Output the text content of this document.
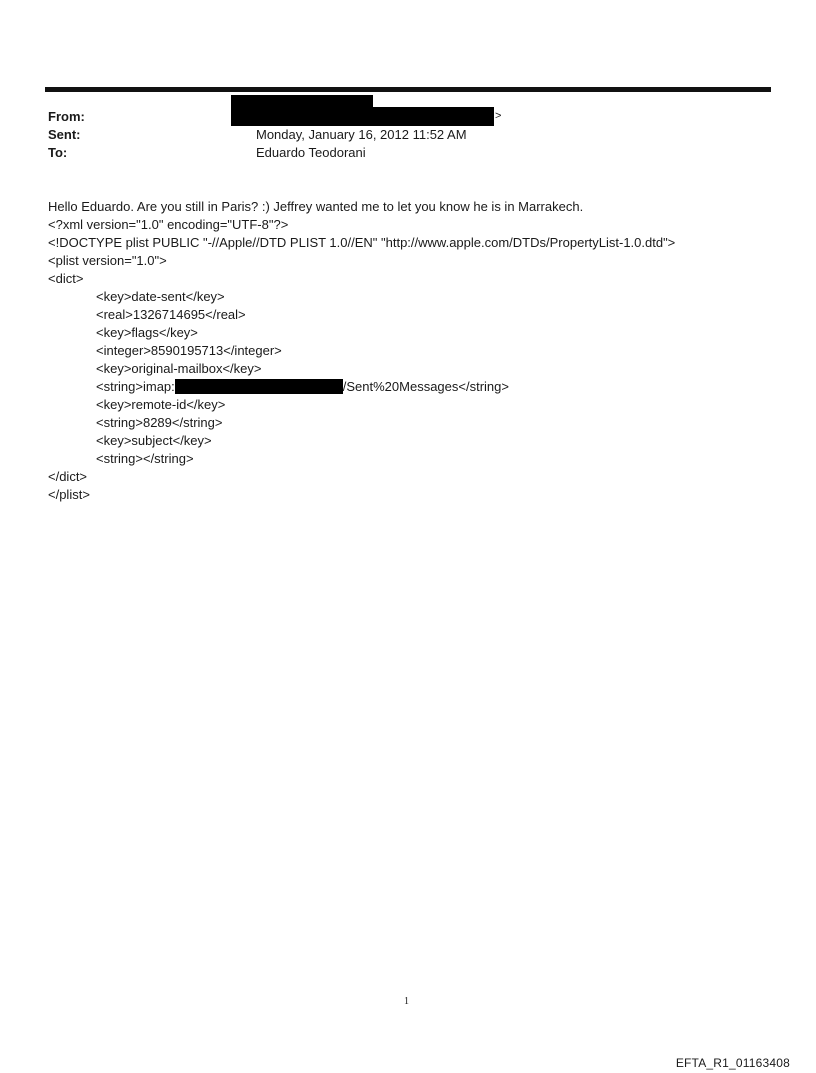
From:	>
Sent:	Monday, January 16, 2012 11:52 AM
To:	Eduardo Teodorani
Hello Eduardo. Are you still in Paris? :) Jeffrey wanted me to let you know he is in Marrakech.
<?xml version="1.0" encoding="UTF-8"?>
<!DOCTYPE plist PUBLIC "-//Apple//DTD PLIST 1.0//EN" "http://www.apple.com/DTDs/PropertyList-1.0.dtd">
<plist version="1.0">
<dict>
<key>date-sent</key>
<real>1326714695</real>
<key>flags</key>
<integer>8590195713</integer>
<key>original-mailbox</key>
<string>imap:	/Sent%20Messages</string>
<key>remote-id</key>
<string>8289</string>
<key>subject</key>
<string></string>
</dict>
</plist>
1
EFTA_R1_01163408
